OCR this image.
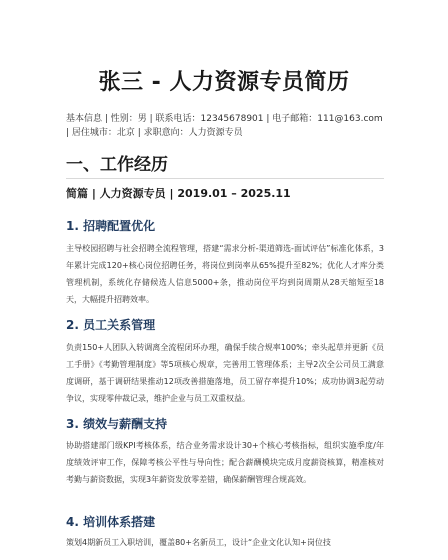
张三 - 人力资源专员简历
基本信息 | 性别：男 | 联系电话：12345678901 | 电子邮箱：111@163.com | 居住城市：北京 | 求职意向：人力资源专员
一、工作经历
简篇 | 人力资源专员 | 2019.01 – 2025.11
1. 招聘配置优化
主导校园招聘与社会招聘全流程管理，搭建“需求分析-渠道筛选-面试评估”标准化体系，3年累计完成120+核心岗位招聘任务，将岗位到岗率从65%提升至82%；优化人才库分类管理机制，系统化存储候选人信息5000+条，推动岗位平均到岗周期从28天缩短至18天，大幅提升招聘效率。
2. 员工关系管理
负责150+人团队入转调离全流程闭环办理，确保手续合规率100%；牵头起草并更新《员工手册》《考勤管理制度》等5项核心规章，完善用工管理体系；主导2次全公司员工满意度调研，基于调研结果推动12项改善措施落地，员工留存率提升10%；成功协调3起劳动争议，实现零仲裁记录，维护企业与员工双重权益。
3. 绩效与薪酬支持
协助搭建部门级KPI考核体系，结合业务需求设计30+个核心考核指标，组织实施季度/年度绩效评审工作，保障考核公平性与导向性；配合薪酬模块完成月度薪资核算，精准核对考勤与薪资数据，实现3年薪资发放零差错，确保薪酬管理合规高效。
4. 培训体系搭建
策划4期新员工入职培训，覆盖80+名新员工，设计“企业文化认知+岗位技
